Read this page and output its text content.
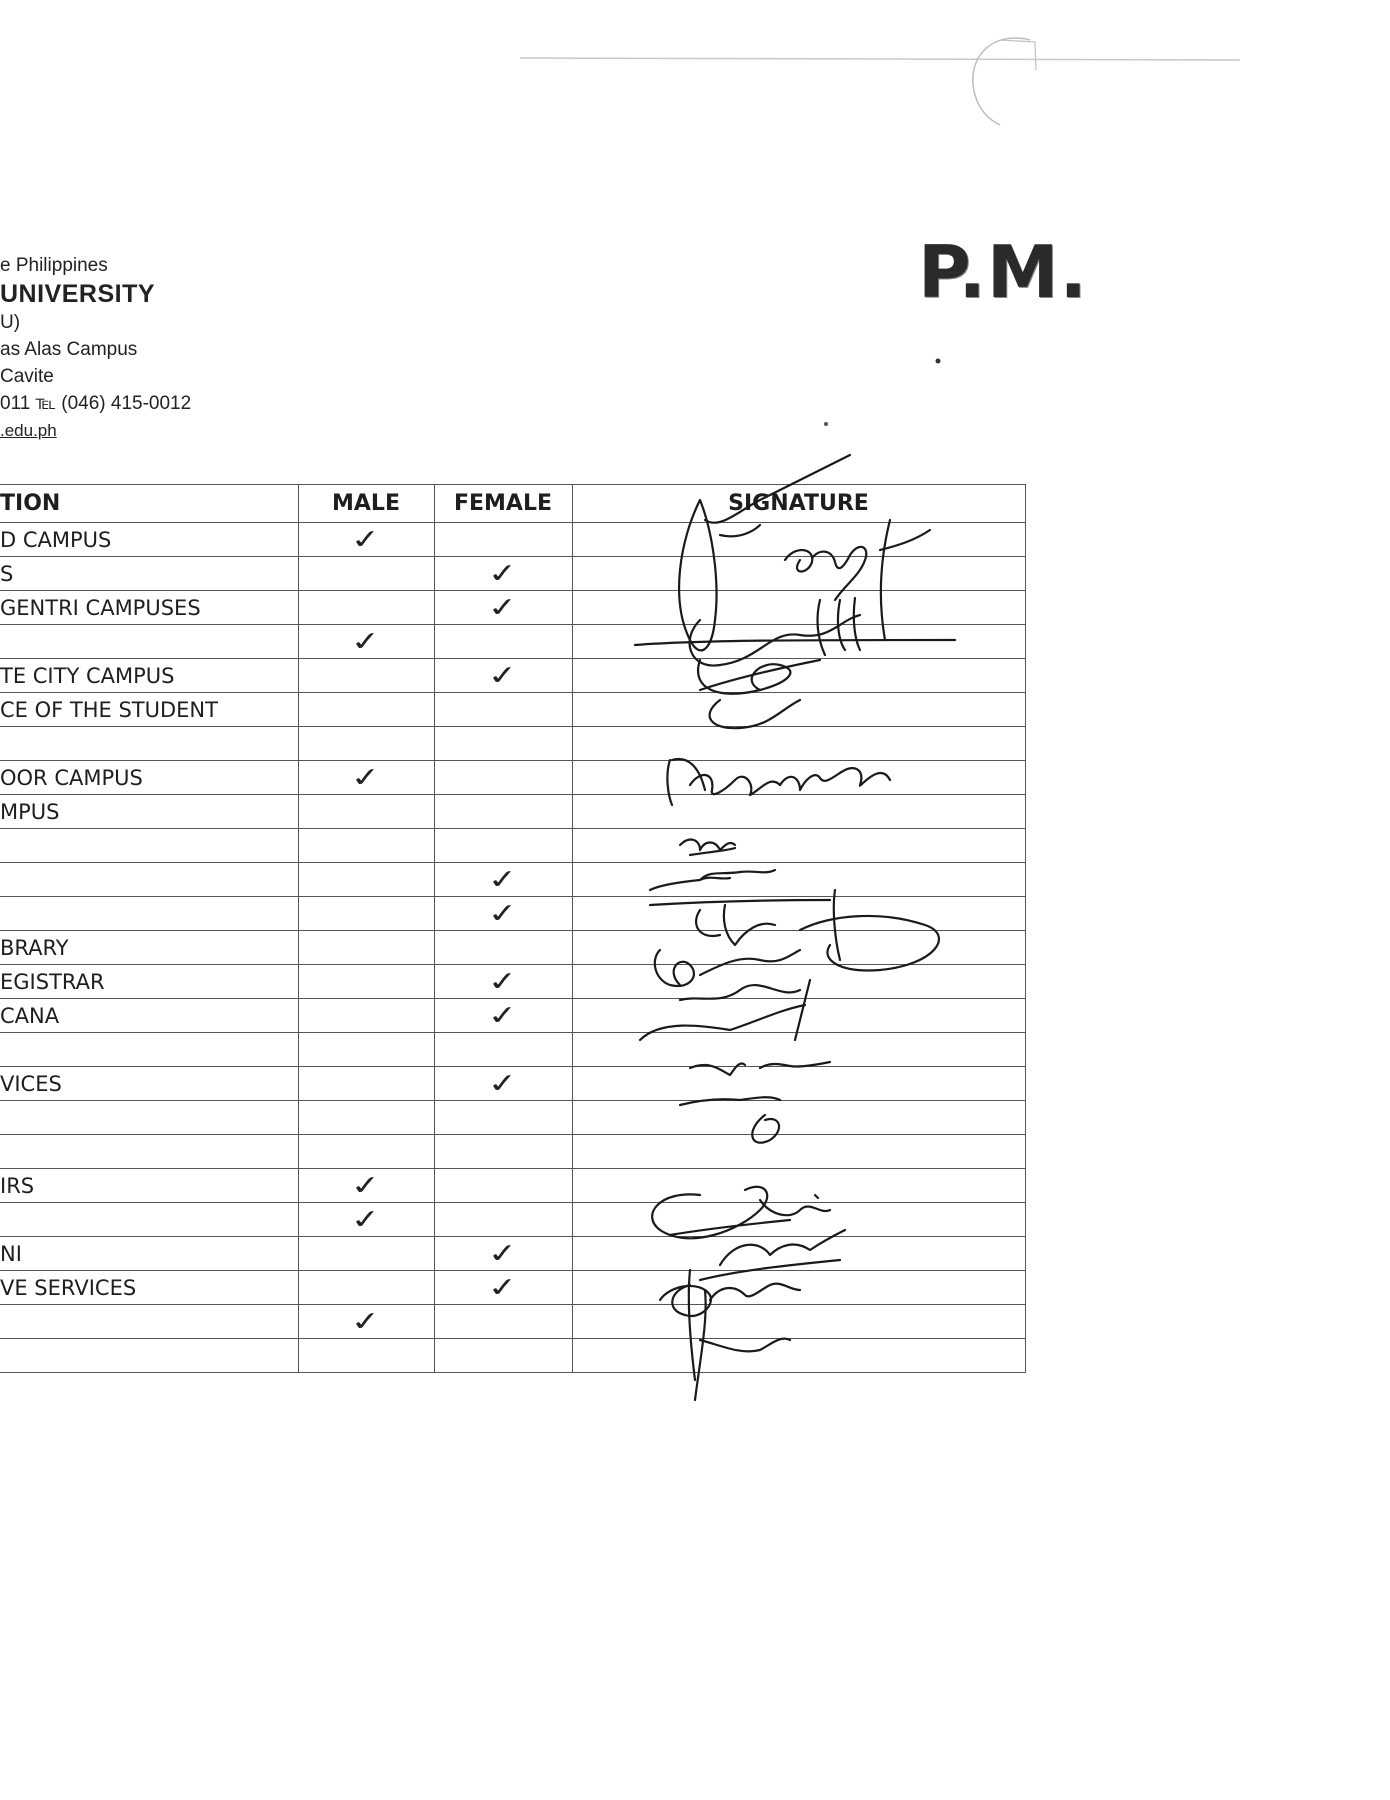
e Philippines
UNIVERSITY
U)
as Alas Campus
Cavite
011 ℡ (046) 415-0012
.edu.ph
P.M.
TION	MALE	FEMALE	SIGNATURE
D CAMPUS	✓		
S		✓	
GENTRI CAMPUSES		✓	
	✓		
TE CITY CAMPUS		✓	
CE OF THE STUDENT			

OOR CAMPUS	✓		
MPUS			

		✓	
		✓	
BRARY			
EGISTRAR		✓	
CANA		✓	

VICES		✓	

IRS	✓		
	✓		
NI		✓	
VE SERVICES		✓	
	✓		
